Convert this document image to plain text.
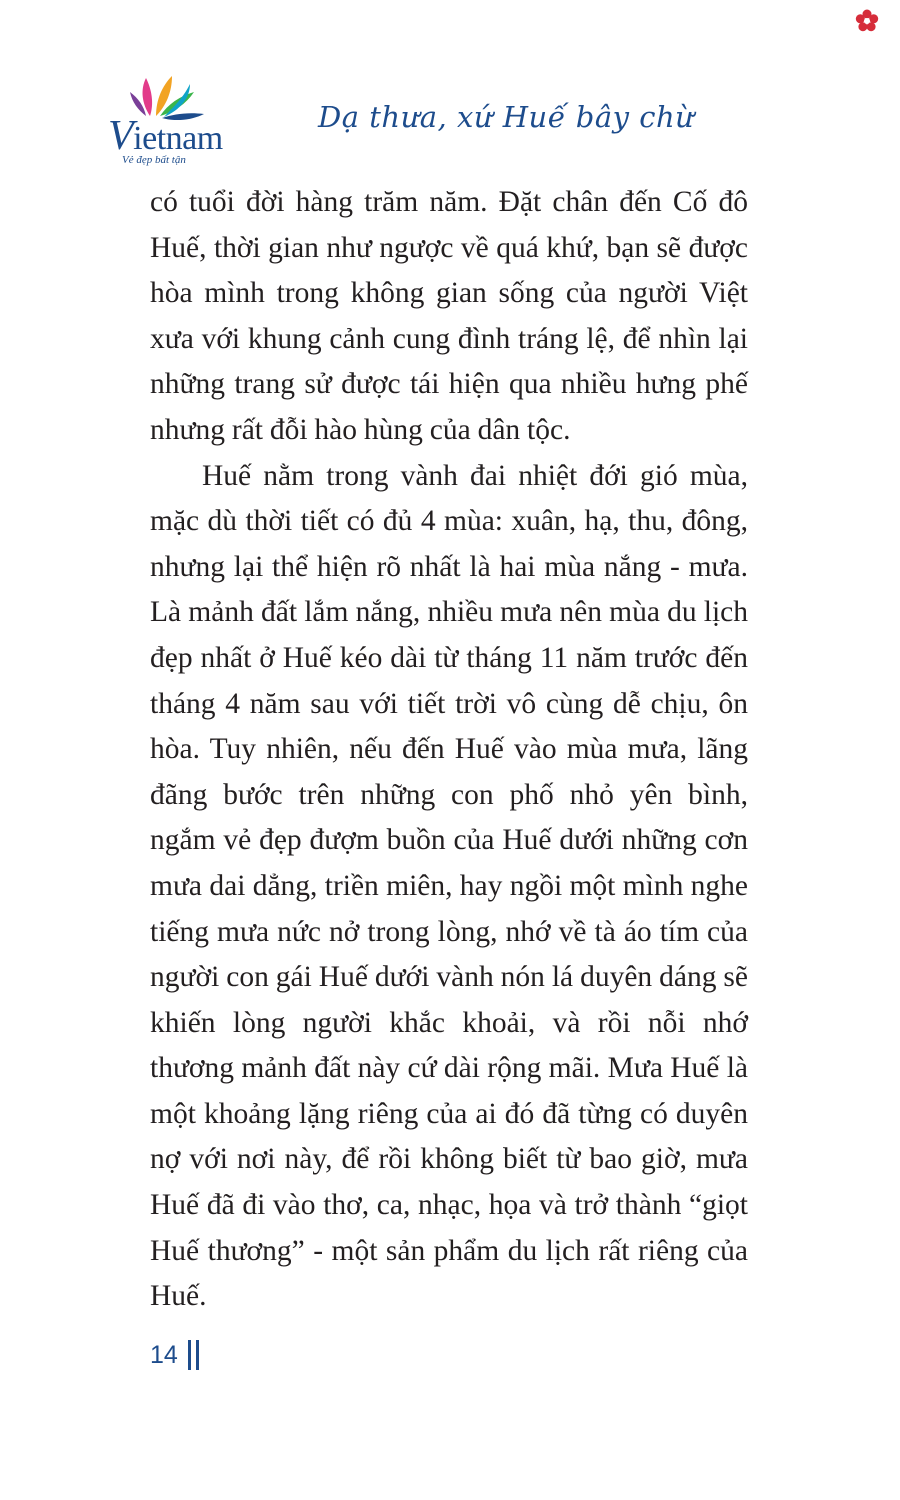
Vietnam
Vẻ đẹp bất tận
Dạ thưa, xứ Huế bây chừ

có tuổi đời hàng trăm năm. Đặt chân đến Cố đô Huế, thời gian như ngược về quá khứ, bạn sẽ được hòa mình trong không gian sống của người Việt xưa với khung cảnh cung đình tráng lệ, để nhìn lại những trang sử được tái hiện qua nhiều hưng phế nhưng rất đỗi hào hùng của dân tộc.

Huế nằm trong vành đai nhiệt đới gió mùa, mặc dù thời tiết có đủ 4 mùa: xuân, hạ, thu, đông, nhưng lại thể hiện rõ nhất là hai mùa nắng - mưa. Là mảnh đất lắm nắng, nhiều mưa nên mùa du lịch đẹp nhất ở Huế kéo dài từ tháng 11 năm trước đến tháng 4 năm sau với tiết trời vô cùng dễ chịu, ôn hòa. Tuy nhiên, nếu đến Huế vào mùa mưa, lãng đãng bước trên những con phố nhỏ yên bình, ngắm vẻ đẹp đượm buồn của Huế dưới những cơn mưa dai dẳng, triền miên, hay ngồi một mình nghe tiếng mưa nức nở trong lòng, nhớ về tà áo tím của người con gái Huế dưới vành nón lá duyên dáng sẽ khiến lòng người khắc khoải, và rồi nỗi nhớ thương mảnh đất này cứ dài rộng mãi. Mưa Huế là một khoảng lặng riêng của ai đó đã từng có duyên nợ với nơi này, để rồi không biết từ bao giờ, mưa Huế đã đi vào thơ, ca, nhạc, họa và trở thành “giọt Huế thương” - một sản phẩm du lịch rất riêng của Huế.

14
